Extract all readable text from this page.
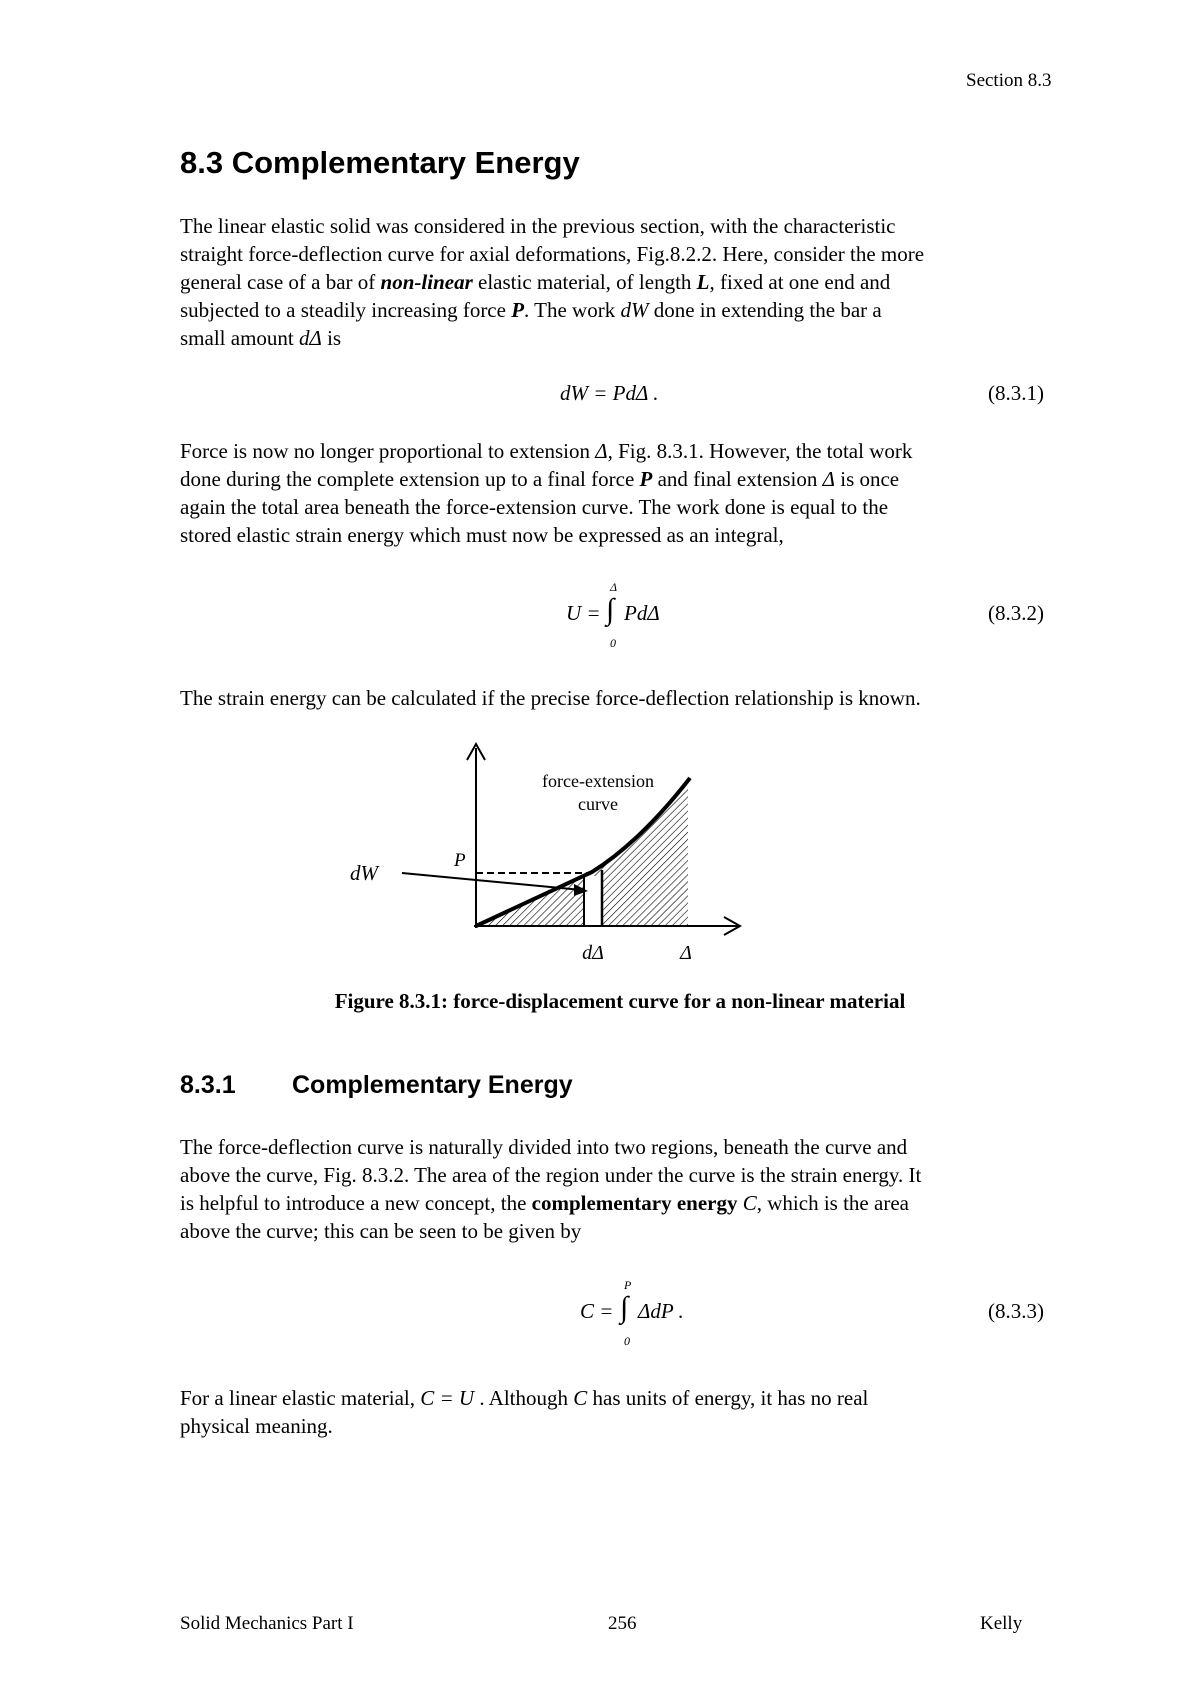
Section 8.3
8.3 Complementary Energy
The linear elastic solid was considered in the previous section, with the characteristic
straight force-deflection curve for axial deformations, Fig.8.2.2. Here, consider the more
general case of a bar of non-linear elastic material, of length L, fixed at one end and
subjected to a steadily increasing force P. The work dW done in extending the bar a
small amount dΔ is
dW = PdΔ .	(8.3.1)
Force is now no longer proportional to extension Δ, Fig. 8.3.1. However, the total work
done during the complete extension up to a final force P and final extension Δ is once
again the total area beneath the force-extension curve. The work done is equal to the
stored elastic strain energy which must now be expressed as an integral,
U =
Δ
∫
0
PdΔ	(8.3.2)
The strain energy can be calculated if the precise force-deflection relationship is known.
force-extension
curve
dW
P
dΔ	Δ
Figure 8.3.1: force-displacement curve for a non-linear material
8.3.1 Complementary Energy
The force-deflection curve is naturally divided into two regions, beneath the curve and
above the curve, Fig. 8.3.2. The area of the region under the curve is the strain energy. It
is helpful to introduce a new concept, the complementary energy C, which is the area
above the curve; this can be seen to be given by
C =
P
∫
0
ΔdP .	(8.3.3)
For a linear elastic material, C = U . Although C has units of energy, it has no real
physical meaning.
Solid Mechanics Part I	256	Kelly
